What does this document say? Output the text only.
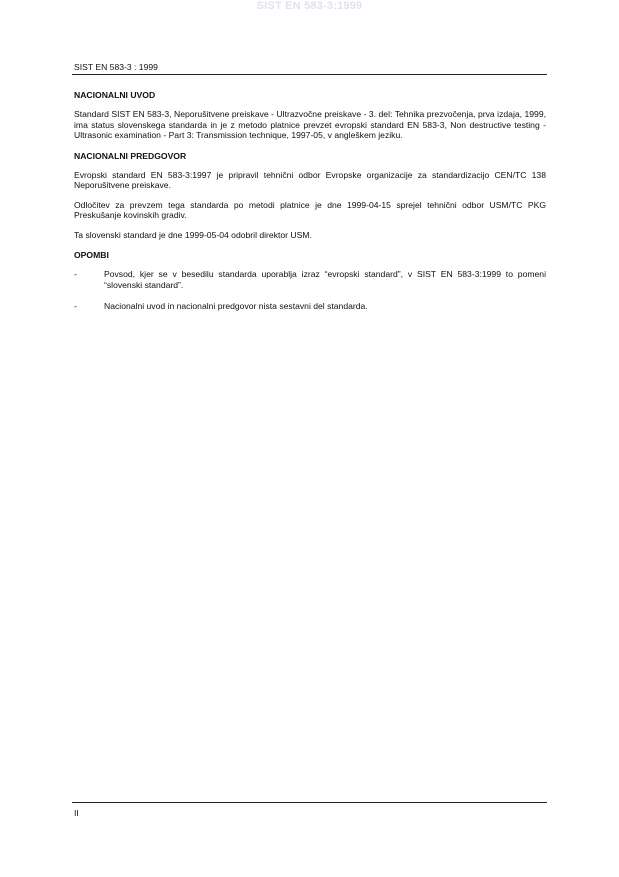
SIST EN 583-3:1999
SIST EN 583-3 : 1999
NACIONALNI UVOD

Standard SIST EN 583-3, Neporušitvene preiskave - Ultrazvočne preiskave - 3. del: Tehnika prezvočenja, prva izdaja, 1999, ima status slovenskega standarda in je z metodo platnice prevzet evropski standard EN 583-3, Non destructive testing - Ultrasonic examination - Part 3: Transmission technique, 1997-05, v angleškem jeziku.

NACIONALNI PREDGOVOR

Evropski standard EN 583-3:1997 je pripravil tehnični odbor Evropske organizacije za standardizacijo CEN/TC 138 Neporušitvene preiskave.

Odločitev za prevzem tega standarda po metodi platnice je dne 1999-04-15 sprejel tehnični odbor USM/TC PKG Preskušanje kovinskih gradiv.

Ta slovenski standard je dne 1999-05-04 odobril direktor USM.

OPOMBI
-	Povsod, kjer se v besedilu standarda uporablja izraz “evropski standard”, v SIST EN 583-3:1999 to pomeni “slovenski standard”.
-	Nacionalni uvod in nacionalni predgovor nista sestavni del standarda.
II
